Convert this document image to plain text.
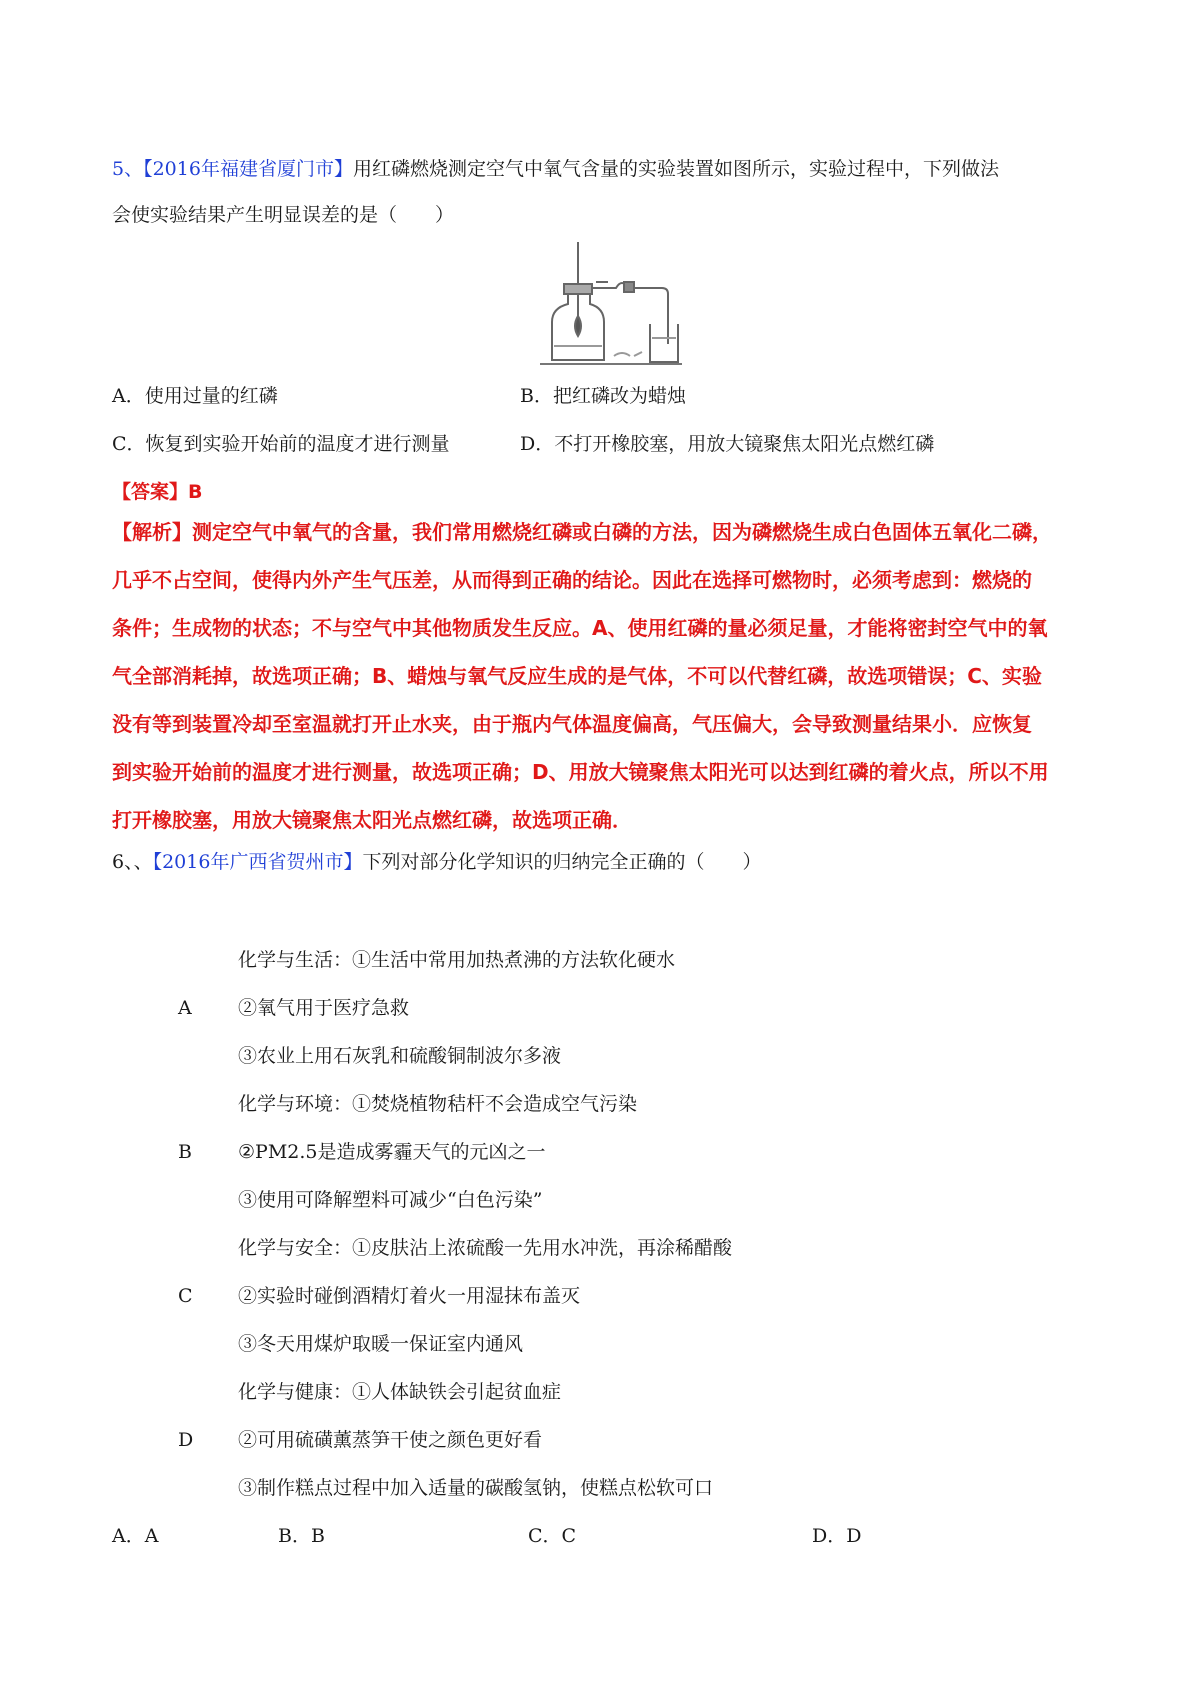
5、【2016年福建省厦门市】用红磷燃烧测定空气中氧气含量的实验装置如图所示，实验过程中，下列做法
会使实验结果产生明显误差的是（　　）
A．使用过量的红磷	B．把红磷改为蜡烛
C．恢复到实验开始前的温度才进行测量	D．不打开橡胶塞，用放大镜聚焦太阳光点燃红磷
【答案】B
【解析】测定空气中氧气的含量，我们常用燃烧红磷或白磷的方法，因为磷燃烧生成白色固体五氧化二磷，
几乎不占空间，使得内外产生气压差，从而得到正确的结论。因此在选择可燃物时，必须考虑到：燃烧的
条件；生成物的状态；不与空气中其他物质发生反应。A、使用红磷的量必须足量，才能将密封空气中的氧
气全部消耗掉，故选项正确；B、蜡烛与氧气反应生成的是气体，不可以代替红磷，故选项错误；C、实验
没有等到装置冷却至室温就打开止水夹，由于瓶内气体温度偏高，气压偏大，会导致测量结果小．应恢复
到实验开始前的温度才进行测量，故选项正确；D、用放大镜聚焦太阳光可以达到红磷的着火点，所以不用
打开橡胶塞，用放大镜聚焦太阳光点燃红磷，故选项正确．
6、、【2016年广西省贺州市】下列对部分化学知识的归纳完全正确的（　　）
化学与生活：①生活中常用加热煮沸的方法软化硬水
A ②氧气用于医疗急救
③农业上用石灰乳和硫酸铜制波尔多液
化学与环境：①焚烧植物秸杆不会造成空气污染
B ②PM2.5是造成雾霾天气的元凶之一
③使用可降解塑料可减少“白色污染”
化学与安全：①皮肤沾上浓硫酸一先用水冲洗，再涂稀醋酸
C ②实验时碰倒酒精灯着火一用湿抹布盖灭
③冬天用煤炉取暖一保证室内通风
化学与健康：①人体缺铁会引起贫血症
D ②可用硫磺薰蒸笋干使之颜色更好看
③制作糕点过程中加入适量的碳酸氢钠，使糕点松软可口
A．A	B．B	C．C	D．D
